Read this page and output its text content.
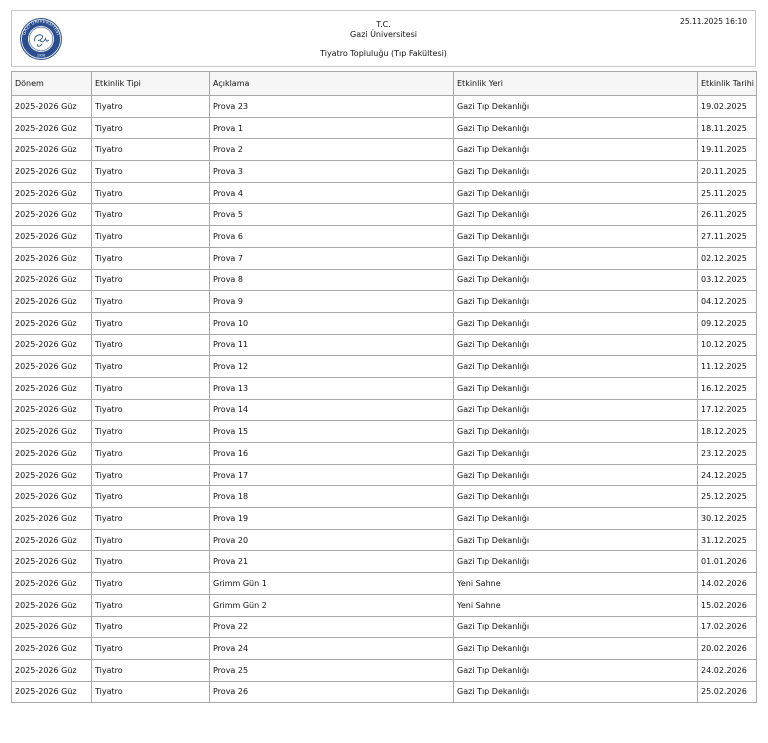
GAZİ ÜNİVERSİTESİ
1926
T.C.
Gazi Üniversitesi
Tiyatro Topluluğu (Tıp Fakültesi)
25.11.2025 16:10
Dönem	Etkinlik Tipi	Açıklama	Etkinlik Yeri	Etkinlik Tarihi
2025-2026 Güz	Tiyatro	Prova 23	Gazi Tıp Dekanlığı	19.02.2025
2025-2026 Güz	Tiyatro	Prova 1	Gazi Tıp Dekanlığı	18.11.2025
2025-2026 Güz	Tiyatro	Prova 2	Gazi Tıp Dekanlığı	19.11.2025
2025-2026 Güz	Tiyatro	Prova 3	Gazi Tıp Dekanlığı	20.11.2025
2025-2026 Güz	Tiyatro	Prova 4	Gazi Tıp Dekanlığı	25.11.2025
2025-2026 Güz	Tiyatro	Prova 5	Gazi Tıp Dekanlığı	26.11.2025
2025-2026 Güz	Tiyatro	Prova 6	Gazi Tıp Dekanlığı	27.11.2025
2025-2026 Güz	Tiyatro	Prova 7	Gazi Tıp Dekanlığı	02.12.2025
2025-2026 Güz	Tiyatro	Prova 8	Gazi Tıp Dekanlığı	03.12.2025
2025-2026 Güz	Tiyatro	Prova 9	Gazi Tıp Dekanlığı	04.12.2025
2025-2026 Güz	Tiyatro	Prova 10	Gazi Tıp Dekanlığı	09.12.2025
2025-2026 Güz	Tiyatro	Prova 11	Gazi Tıp Dekanlığı	10.12.2025
2025-2026 Güz	Tiyatro	Prova 12	Gazi Tıp Dekanlığı	11.12.2025
2025-2026 Güz	Tiyatro	Prova 13	Gazi Tıp Dekanlığı	16.12.2025
2025-2026 Güz	Tiyatro	Prova 14	Gazi Tıp Dekanlığı	17.12.2025
2025-2026 Güz	Tiyatro	Prova 15	Gazi Tıp Dekanlığı	18.12.2025
2025-2026 Güz	Tiyatro	Prova 16	Gazi Tıp Dekanlığı	23.12.2025
2025-2026 Güz	Tiyatro	Prova 17	Gazi Tıp Dekanlığı	24.12.2025
2025-2026 Güz	Tiyatro	Prova 18	Gazi Tıp Dekanlığı	25.12.2025
2025-2026 Güz	Tiyatro	Prova 19	Gazi Tıp Dekanlığı	30.12.2025
2025-2026 Güz	Tiyatro	Prova 20	Gazi Tıp Dekanlığı	31.12.2025
2025-2026 Güz	Tiyatro	Prova 21	Gazi Tıp Dekanlığı	01.01.2026
2025-2026 Güz	Tiyatro	Grimm Gün 1	Yeni Sahne	14.02.2026
2025-2026 Güz	Tiyatro	Grimm Gün 2	Yeni Sahne	15.02.2026
2025-2026 Güz	Tiyatro	Prova 22	Gazi Tıp Dekanlığı	17.02.2026
2025-2026 Güz	Tiyatro	Prova 24	Gazi Tıp Dekanlığı	20.02.2026
2025-2026 Güz	Tiyatro	Prova 25	Gazi Tıp Dekanlığı	24.02.2026
2025-2026 Güz	Tiyatro	Prova 26	Gazi Tıp Dekanlığı	25.02.2026
